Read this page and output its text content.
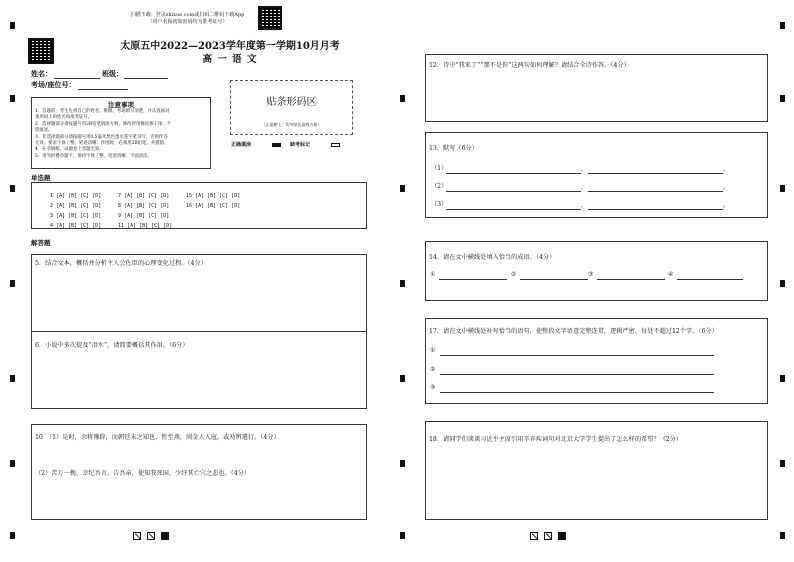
扫描下载：登录zhixue.com或扫码二维码下载App
（用户名和初始密码均为准考证号）
太原五中2022—2023学年度第一学期10月月考
高 一 语 文
姓名：	班级：
考场/座位号：
贴条形码区
（正面朝上，切勿贴出虚线方框）
正确填涂	缺考标记
注意事项
1．答题前，考生先将自己的姓名、班级、考场填写清楚，并认真核对
条形码上的姓名和准考证号。
2．选择题部分请按题号用2B铅笔填涂方框，修改时用橡皮擦干净，不
留痕迹。
3．非选择题部分请按题号用0.5毫米黑色墨水签字笔书写，否则作答
无效。要求字体工整、笔迹清晰。作图时，必须用2B铅笔，并描浓。
4．在草稿纸、试题卷上答题无效。
5．请勿折叠答题卡，保持字体工整、笔迹清晰、卡面清洁。
单选题

1 [A] [B] [C] [D]	7 [A] [B] [C] [D]	15 [A] [B] [C] [D]

2 [A] [B] [C] [D]	8 [A] [B] [C] [D]	16 [A] [B] [C] [D]

3 [A] [B] [C] [D]	9 [A] [B] [C] [D]

4 [A] [B] [C] [D]	11 [A] [B] [C] [D]

解答题
5．结合文本，概括并分析主人公佐臣的心理变化过程。（4分）
6．小说中多次提及“泪水”，请简要概括其作用。（6分）
10．（1）是时，余将豫辟，而朝廷未之知也，暂至燕，间金人入寇，或劝辨遣行。（4分）
（2）苦万一挽，幸纪吾言，告吾亲，使知我死国，少纾其亡穴之悲也。（4分）
12．诗中“我来了”“那不是你”这两句如何理解？请结合全诗作答。（4分）
13．默写（6分）
（1）	，	。
（2）	，	。
（3）	，	。
14．请在文中横线处填入恰当的成语。（4分）
①	②	③	④
17．请在文中横线处补写恰当的语句，使整段文字语意完整连贯，逻辑严密，每处不超过12个字。（6分）
①
②
③
18．请同学们谈谈习近平主席引用辛弃疾词句对北京大学学生提出了怎么样的希望？（2分）
